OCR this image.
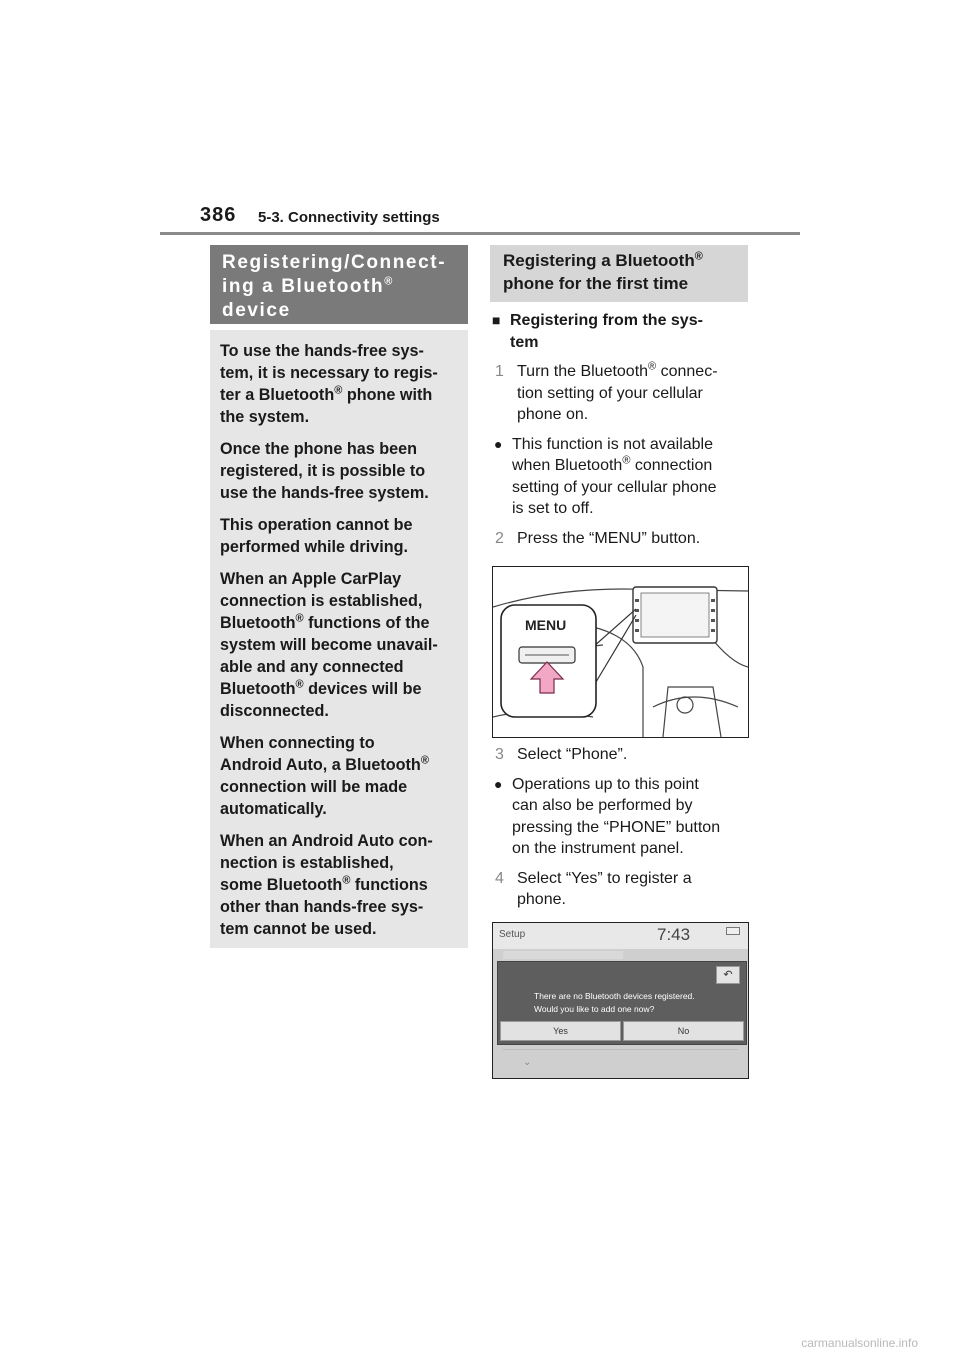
386 5-3. Connectivity settings
Registering/Connect-
ing a Bluetooth®
device

To use the hands-free sys-
tem, it is necessary to regis-
ter a Bluetooth® phone with
the system.

Once the phone has been
registered, it is possible to
use the hands-free system.

This operation cannot be
performed while driving.

When an Apple CarPlay
connection is established,
Bluetooth® functions of the
system will become unavail-
able and any connected
Bluetooth® devices will be
disconnected.

When connecting to
Android Auto, a Bluetooth®
connection will be made
automatically.

When an Android Auto con-
nection is established,
some Bluetooth® functions
other than hands-free sys-
tem cannot be used.

Registering a Bluetooth®
phone for the first time
■ Registering from the sys-
tem
1 Turn the Bluetooth® connec-
tion setting of your cellular
phone on.
● This function is not available
when Bluetooth® connection
setting of your cellular phone
is set to off.
2 Press the “MENU” button.
MENU
3 Select “Phone”.
● Operations up to this point
can also be performed by
pressing the “PHONE” button
on the instrument panel.
4 Select “Yes” to register a
phone.
Setup	7:43
↶
There are no Bluetooth devices registered.
Would you like to add one now?
Yes	No
⌄
carmanualsonline.info
